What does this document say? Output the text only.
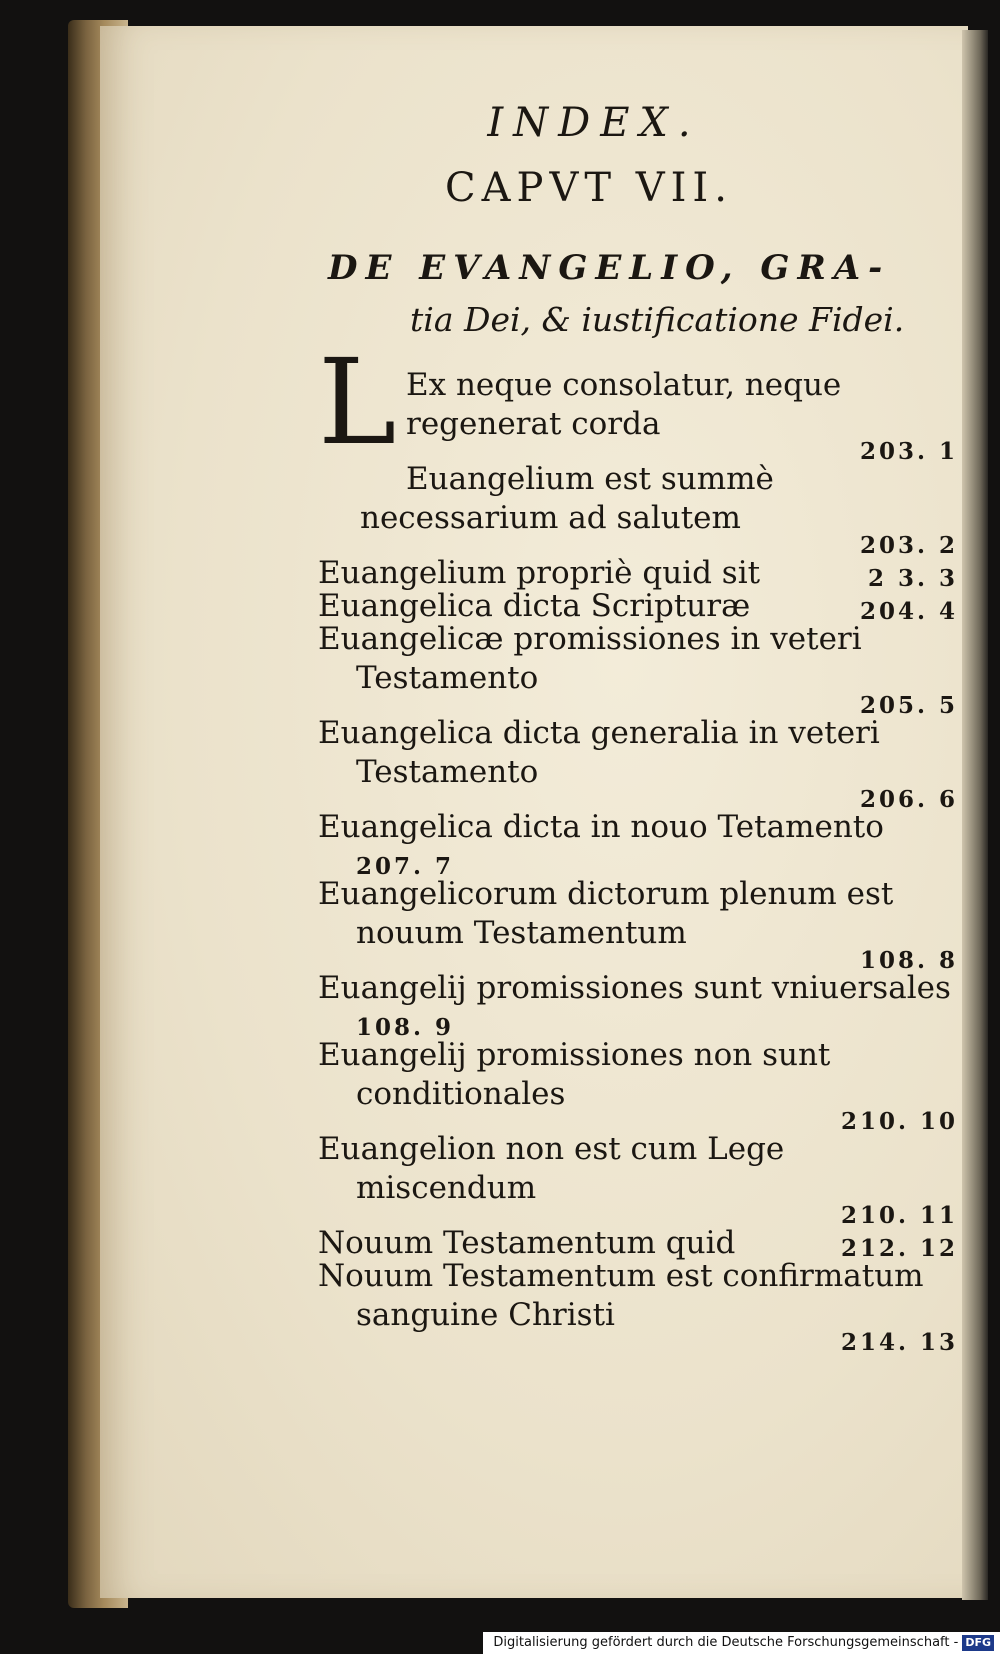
INDEX.
CAPVT VII.
DE EVANGELIO, GRA-
tia Dei, & iustificatione Fidei.
L Ex neque consolatur, neque regenerat corda
203. 1
Euangelium est summè necessarium ad salutem
203. 2
Euangelium propriè quid sit	2 3. 3
Euangelica dicta Scripturæ	204. 4
Euangelicæ promissiones in veteri Testamento
205. 5
Euangelica dicta generalia in veteri Testamento
206. 6
Euangelica dicta in nouo Tetamento
207. 7
Euangelicorum dictorum plenum est nouum Testamentum
108. 8
Euangelij promissiones sunt vniuersales
108. 9
Euangelij promissiones non sunt conditionales
210. 10
Euangelion non est cum Lege miscendum
210. 11
Nouum Testamentum quid	212. 12
Nouum Testamentum est confirmatum sanguine Christi
214. 13
Digitalisierung gefördert durch die Deutsche Forschungsgemeinschaft - DFG
